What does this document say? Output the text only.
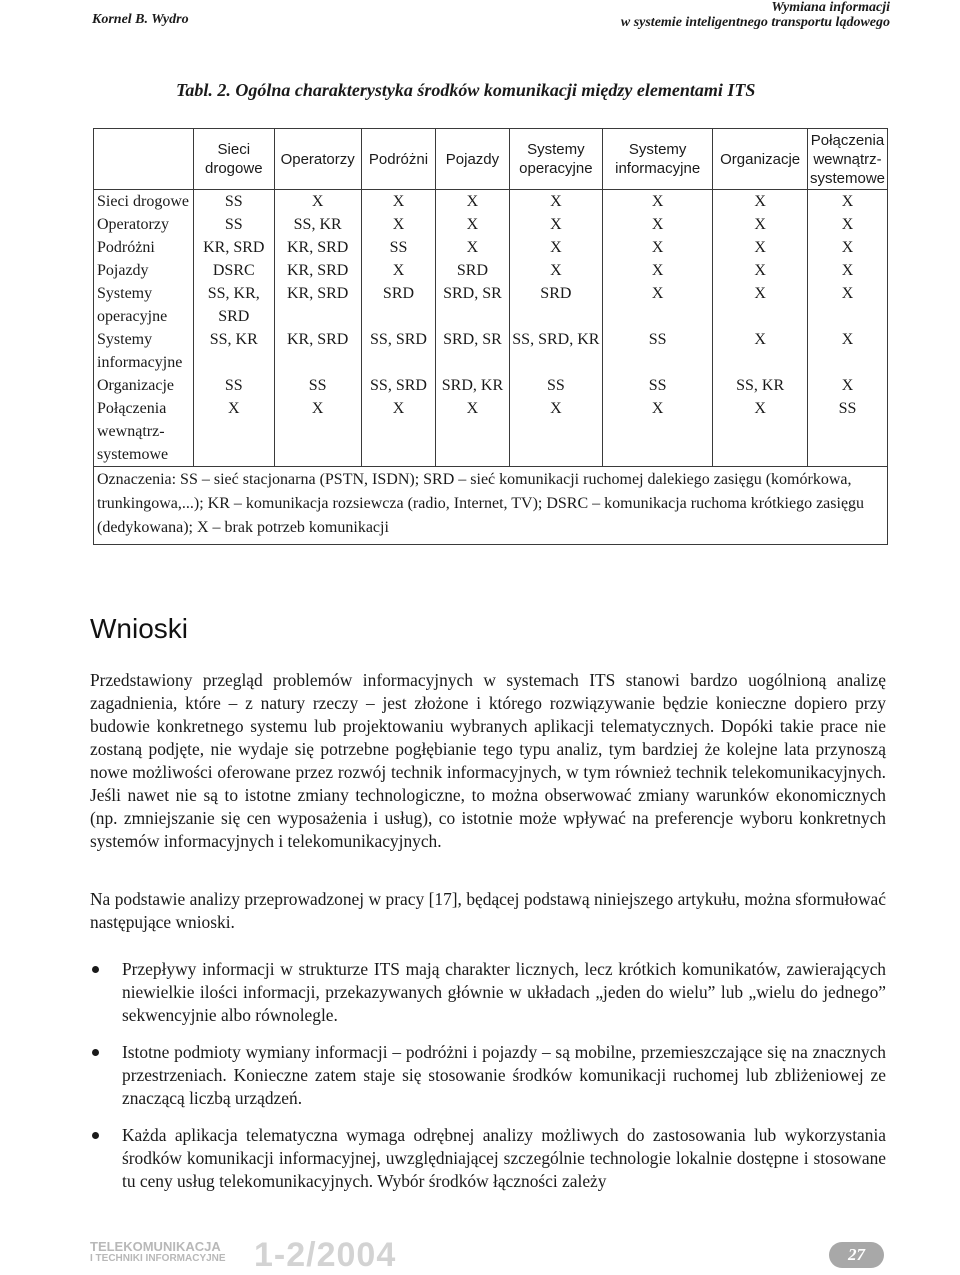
Kornel B. Wydro
Wymiana informacji
w systemie inteligentnego transportu lądowego
Tabl. 2. Ogólna charakterystyka środków komunikacji między elementami ITS
	Sieci drogowe	Operatorzy	Podróżni	Pojazdy	Systemy operacyjne	Systemy informacyjne	Organizacje	Połączenia wewnątrz-systemowe
Sieci drogowe	SS	X	X	X	X	X	X	X
Operatorzy	SS	SS, KR	X	X	X	X	X	X
Podróżni	KR, SRD	KR, SRD	SS	X	X	X	X	X
Pojazdy	DSRC	KR, SRD	X	SRD	X	X	X	X
Systemy operacyjne	SS, KR, SRD	KR, SRD	SRD	SRD, SR	SRD	X	X	X
Systemy informacyjne	SS, KR	KR, SRD	SS, SRD	SRD, SR	SS, SRD, KR	SS	X	X
Organizacje	SS	SS	SS, SRD	SRD, KR	SS	SS	SS, KR	X
Połączenia wewnątrz-systemowe	X	X	X	X	X	X	X	SS
Oznaczenia: SS – sieć stacjonarna (PSTN, ISDN); SRD – sieć komunikacji ruchomej dalekiego zasięgu (komórkowa, trunkingowa,...); KR – komunikacja rozsiewcza (radio, Internet, TV); DSRC – komunikacja ruchoma krótkiego zasięgu (dedykowana); X – brak potrzeb komunikacji								
Wnioski

Przedstawiony przegląd problemów informacyjnych w systemach ITS stanowi bardzo uogólnioną analizę zagadnienia, które – z natury rzeczy – jest złożone i którego rozwiązywanie będzie konieczne dopiero przy budowie konkretnego systemu lub projektowaniu wybranych aplikacji telematycznych. Dopóki takie prace nie zostaną podjęte, nie wydaje się potrzebne pogłębianie tego typu analiz, tym bardziej że kolejne lata przynoszą nowe możliwości oferowane przez rozwój technik informacyjnych, w tym również technik telekomunikacyjnych. Jeśli nawet nie są to istotne zmiany technologiczne, to można obserwować zmiany warunków ekonomicznych (np. zmniejszanie się cen wyposażenia i usług), co istotnie może wpływać na preferencje wyboru konkretnych systemów informacyjnych i telekomunikacyjnych.

Na podstawie analizy przeprowadzonej w pracy [17], będącej podstawą niniejszego artykułu, można sformułować następujące wnioski.

Przepływy informacji w strukturze ITS mają charakter licznych, lecz krótkich komunikatów, zawierających niewielkie ilości informacji, przekazywanych głównie w układach „jeden do wielu” lub „wielu do jednego” sekwencyjnie albo równolegle.
Istotne podmioty wymiany informacji – podróżni i pojazdy – są mobilne, przemieszczające się na znacznych przestrzeniach. Konieczne zatem staje się stosowanie środków komunikacji ruchomej lub zbliżeniowej ze znaczącą liczbą urządzeń.
Każda aplikacja telematyczna wymaga odrębnej analizy możliwych do zastosowania lub wykorzystania środków komunikacji informacyjnej, uwzględniającej szczególnie technologie lokalnie dostępne i stosowane tu ceny usług telekomunikacyjnych. Wybór środków łączności zależy
TELEKOMUNIKACJA
I TECHNIKI INFORMACYJNE 1-2/2004	27
